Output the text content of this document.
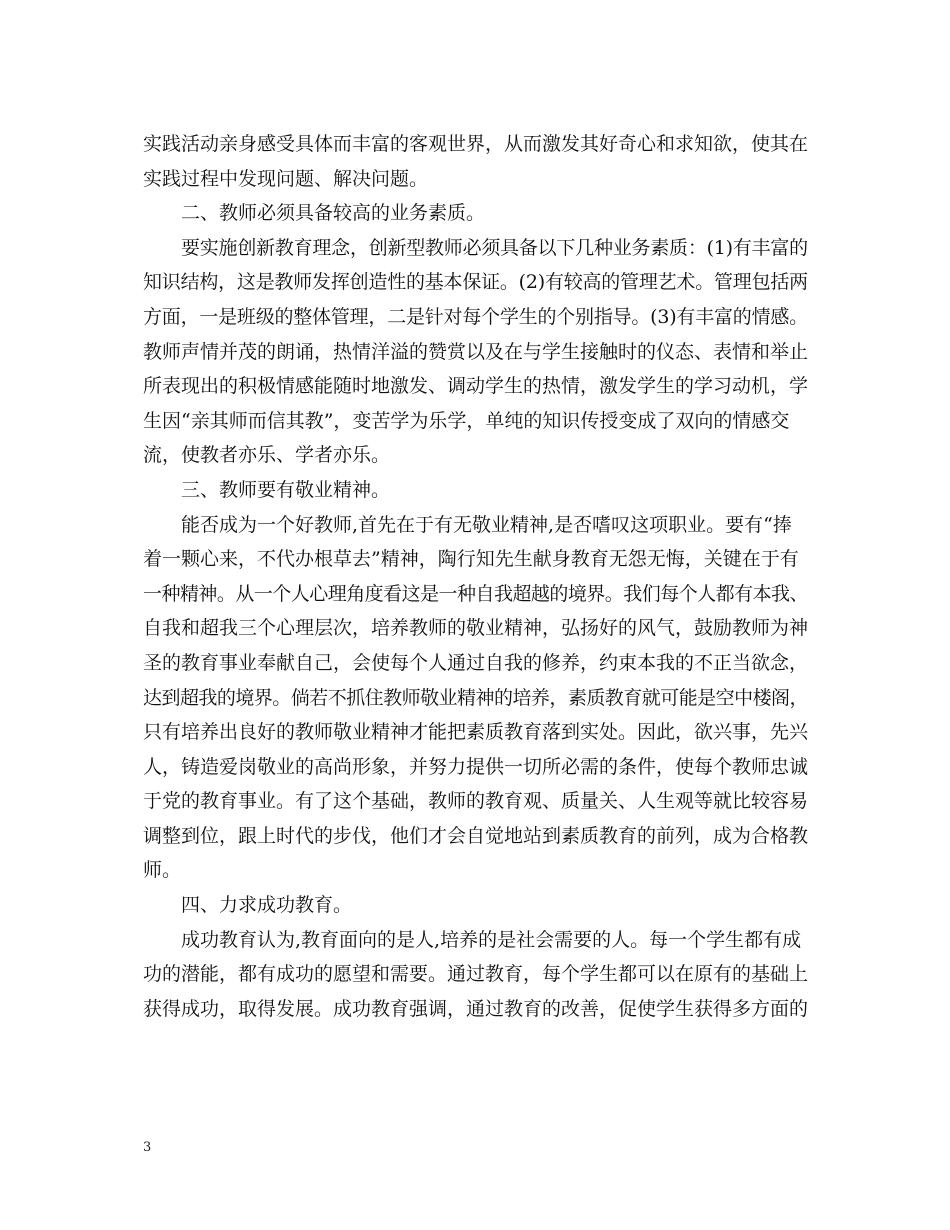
实践活动亲身感受具体而丰富的客观世界，从而激发其好奇心和求知欲，使其在
实践过程中发现问题、解决问题。
二、教师必须具备较高的业务素质。
要实施创新教育理念，创新型教师必须具备以下几种业务素质：(1)有丰富的
知识结构，这是教师发挥创造性的基本保证。(2)有较高的管理艺术。管理包括两
方面，一是班级的整体管理，二是针对每个学生的个别指导。(3)有丰富的情感。
教师声情并茂的朗诵，热情洋溢的赞赏以及在与学生接触时的仪态、表情和举止
所表现出的积极情感能随时地激发、调动学生的热情，激发学生的学习动机，学
生因“亲其师而信其教”，变苦学为乐学，单纯的知识传授变成了双向的情感交
流，使教者亦乐、学者亦乐。
三、教师要有敬业精神。
能否成为一个好教师,首先在于有无敬业精神,是否嗜叹这项职业。要有“捧
着一颗心来，不代办根草去”精神，陶行知先生献身教育无怨无悔，关键在于有
一种精神。从一个人心理角度看这是一种自我超越的境界。我们每个人都有本我、
自我和超我三个心理层次，培养教师的敬业精神，弘扬好的风气，鼓励教师为神
圣的教育事业奉献自己，会使每个人通过自我的修养，约束本我的不正当欲念，
达到超我的境界。倘若不抓住教师敬业精神的培养，素质教育就可能是空中楼阁，
只有培养出良好的教师敬业精神才能把素质教育落到实处。因此，欲兴事，先兴
人，铸造爱岗敬业的高尚形象，并努力提供一切所必需的条件，使每个教师忠诚
于党的教育事业。有了这个基础，教师的教育观、质量关、人生观等就比较容易
调整到位，跟上时代的步伐，他们才会自觉地站到素质教育的前列，成为合格教
师。
四、力求成功教育。
成功教育认为,教育面向的是人,培养的是社会需要的人。每一个学生都有成
功的潜能，都有成功的愿望和需要。通过教育，每个学生都可以在原有的基础上
获得成功，取得发展。成功教育强调，通过教育的改善，促使学生获得多方面的
3
